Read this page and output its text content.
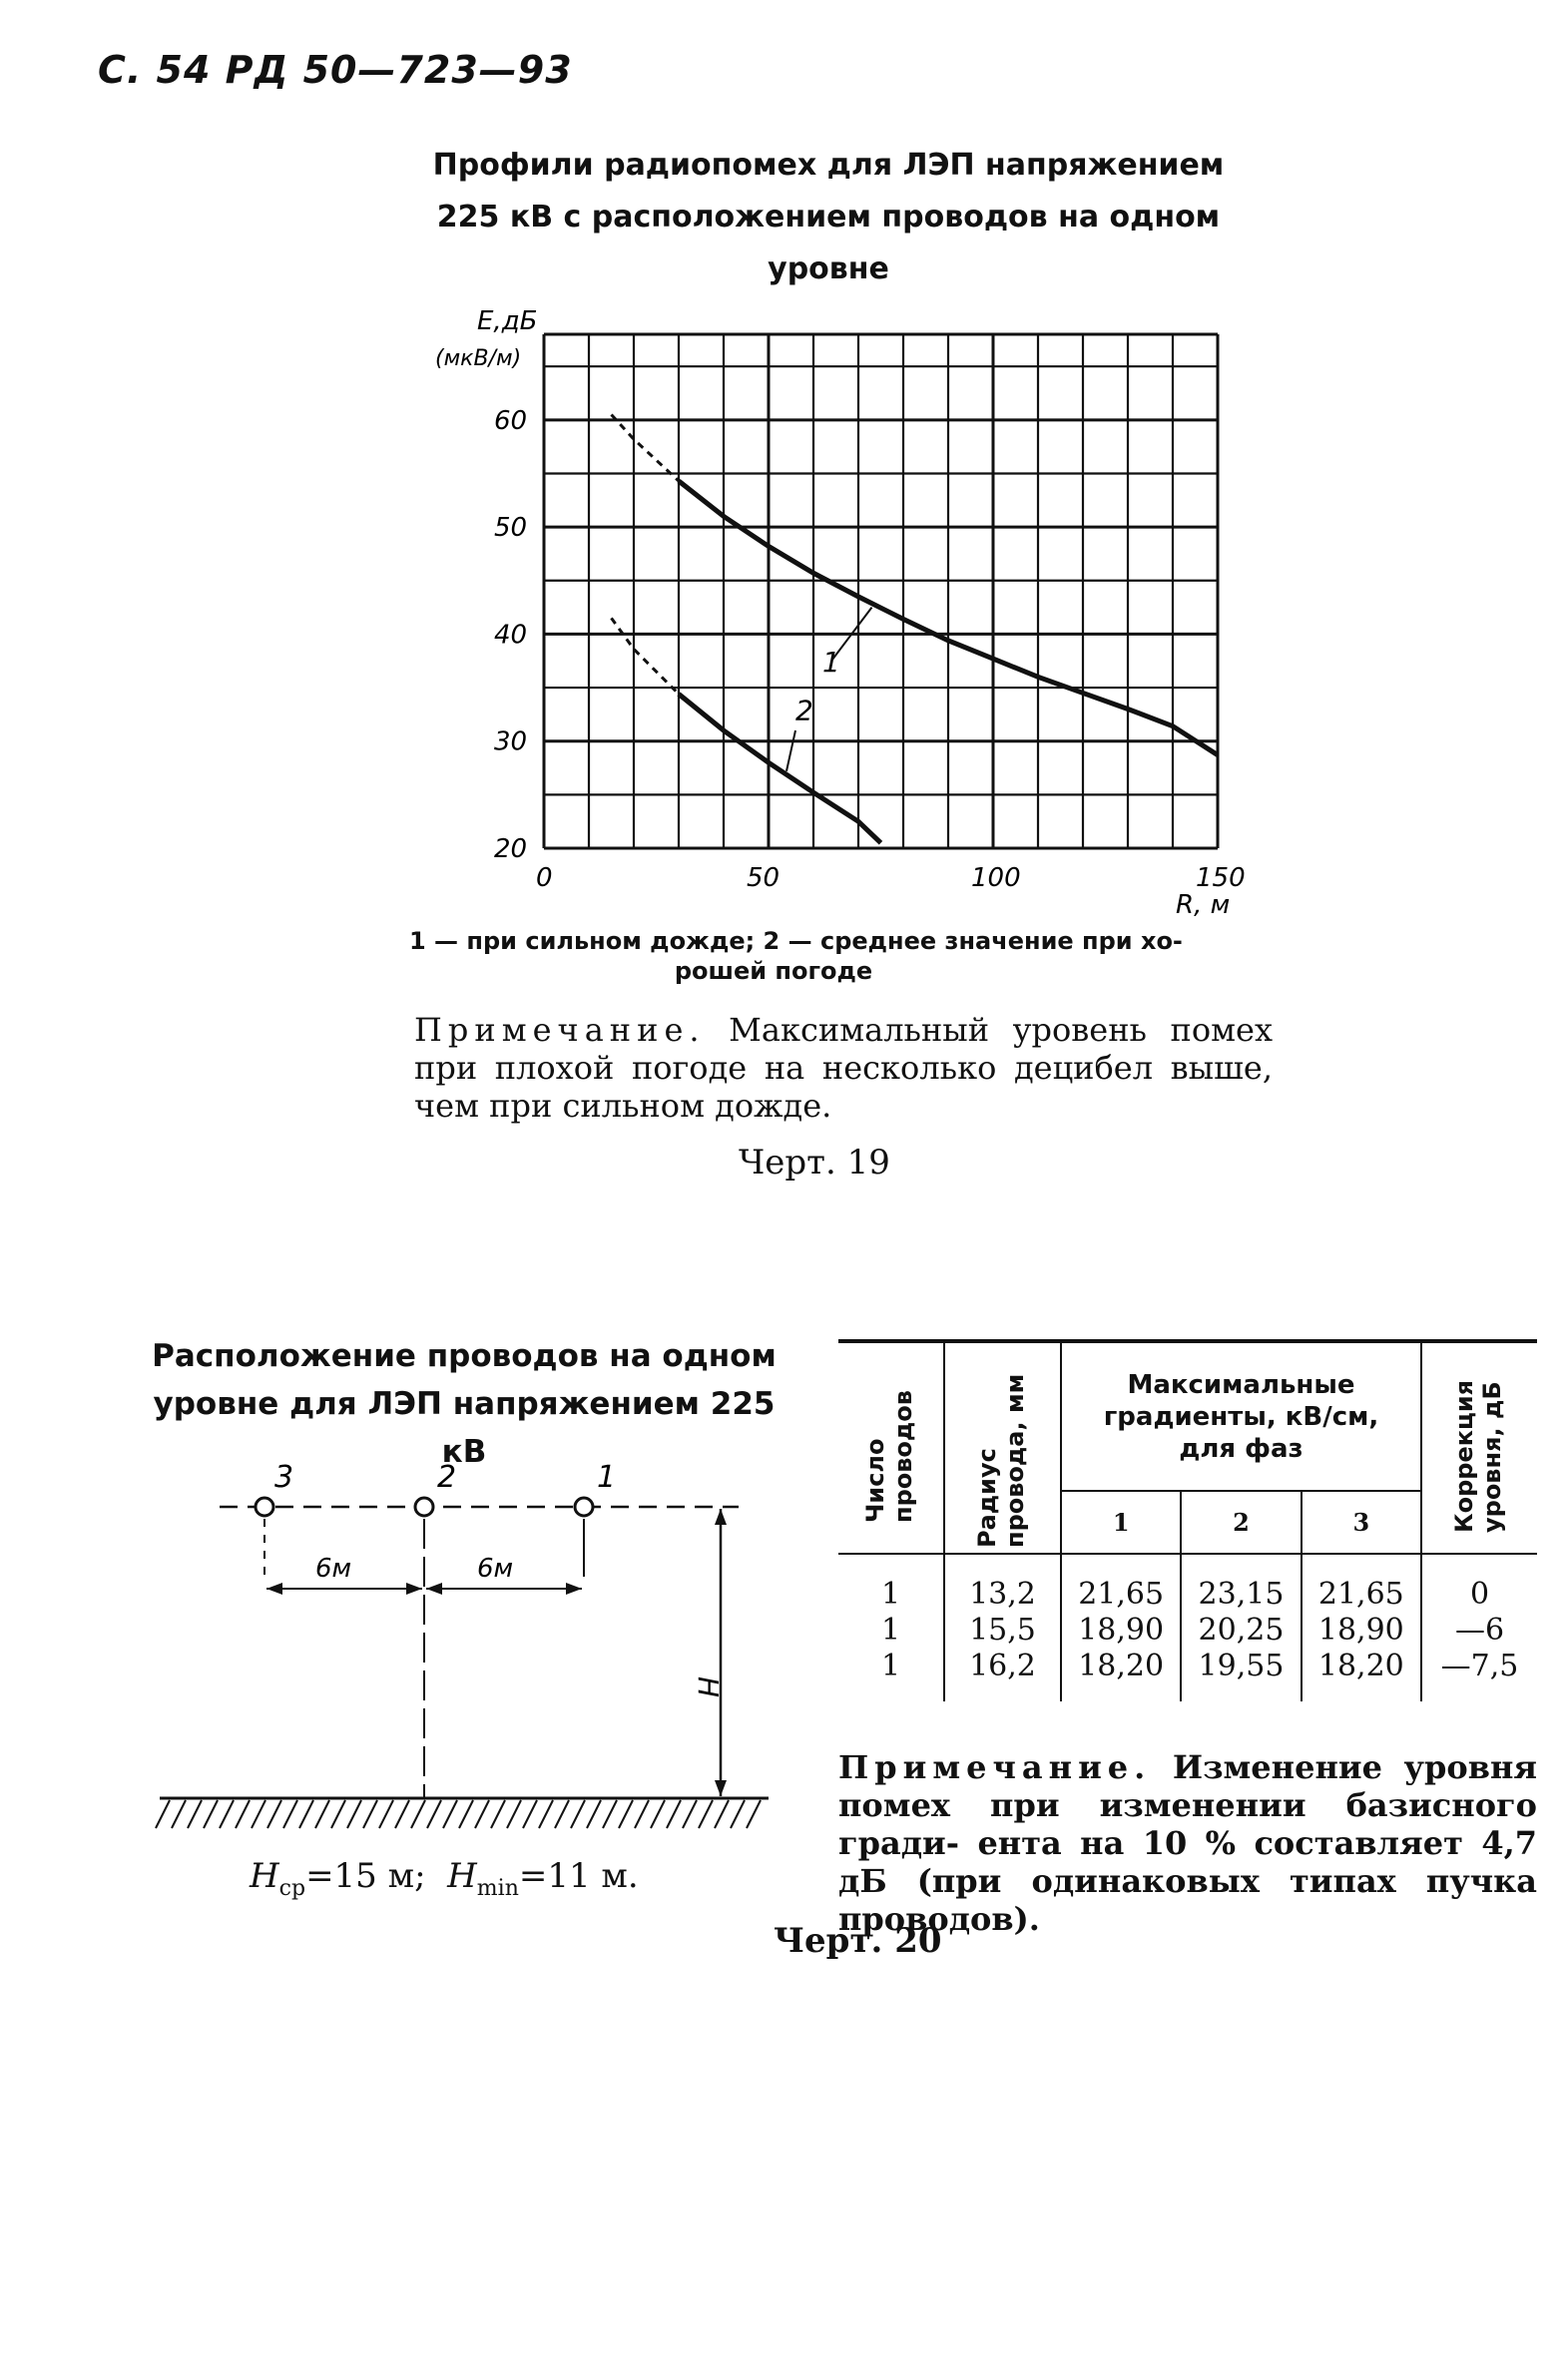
С. 54 РД 50—723—93
Профили радиопомех для ЛЭП напряжением
225 кВ с расположением проводов на одном
уровне
20
30
40
50
60
0	50	100	150
1
2
Е,дБ
(мкВ/м)
R, м
1 — при сильном дожде; 2 — среднее значение при хо-
рошей погоде
Примечание. Максимальный уровень помех при плохой погоде на несколько децибел выше, чем при сильном дожде.
Черт. 19
Расположение проводов на одном
уровне для ЛЭП напряжением 225 кВ
3	2	1
6м	6м
Н
$Н_{ср}=15$ м;  $Н_{min}=11$ м.
Число проводов	Радиус провода, мм	Максимальные градиенты, кВ/см, для фаз			Коррекция уровня, дБ

		1	2	3	

1	13,2	21,65	23,15	21,65	0
1	15,5	18,90	20,25	18,90	—6
1	16,2	18,20	19,55	18,20	—7,5

Примечание. Изменение уровня помех при изменении базисного гради- ента на 10 % составляет 4,7 дБ (при одинаковых типах пучка проводов).
Черт. 20
